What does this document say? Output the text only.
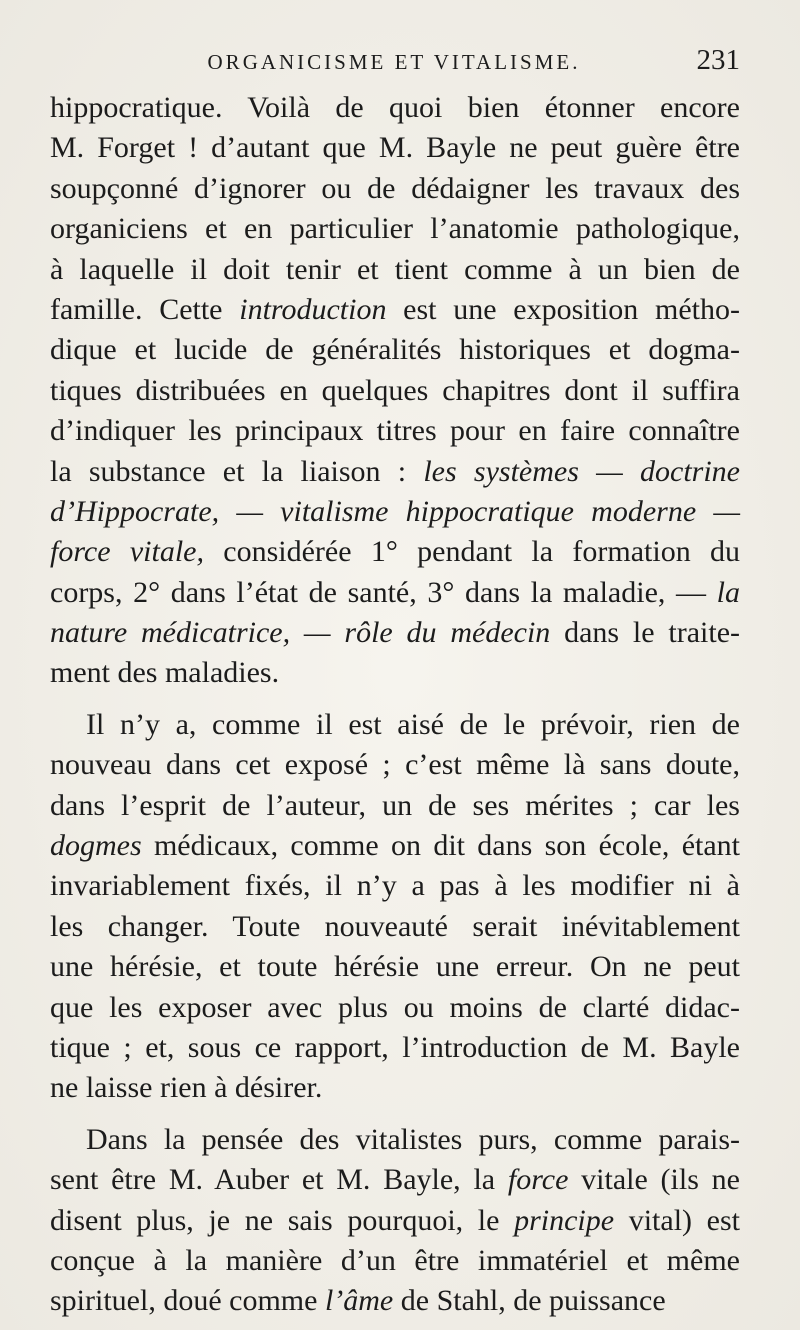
ORGANICISME ET VITALISME.	231
hippocratique. Voilà de quoi bien étonner encore
M. Forget ! d’autant que M. Bayle ne peut guère être
soupçonné d’ignorer ou de dédaigner les travaux des
organiciens et en particulier l’anatomie pathologique,
à laquelle il doit tenir et tient comme à un bien de
famille. Cette introduction est une exposition métho-
dique et lucide de généralités historiques et dogma-
tiques distribuées en quelques chapitres dont il suffira
d’indiquer les principaux titres pour en faire connaître
la substance et la liaison : les systèmes — doctrine
d’Hippocrate, — vitalisme hippocratique moderne —
force vitale, considérée 1° pendant la formation du
corps, 2° dans l’état de santé, 3° dans la maladie, — la
nature médicatrice, — rôle du médecin dans le traite-
ment des maladies.
Il n’y a, comme il est aisé de le prévoir, rien de
nouveau dans cet exposé ; c’est même là sans doute,
dans l’esprit de l’auteur, un de ses mérites ; car les
dogmes médicaux, comme on dit dans son école, étant
invariablement fixés, il n’y a pas à les modifier ni à
les changer. Toute nouveauté serait inévitablement
une hérésie, et toute hérésie une erreur. On ne peut
que les exposer avec plus ou moins de clarté didac-
tique ; et, sous ce rapport, l’introduction de M. Bayle
ne laisse rien à désirer.
Dans la pensée des vitalistes purs, comme parais-
sent être M. Auber et M. Bayle, la force vitale (ils ne
disent plus, je ne sais pourquoi, le principe vital) est
conçue à la manière d’un être immatériel et même
spirituel, doué comme l’âme de Stahl, de puissance
